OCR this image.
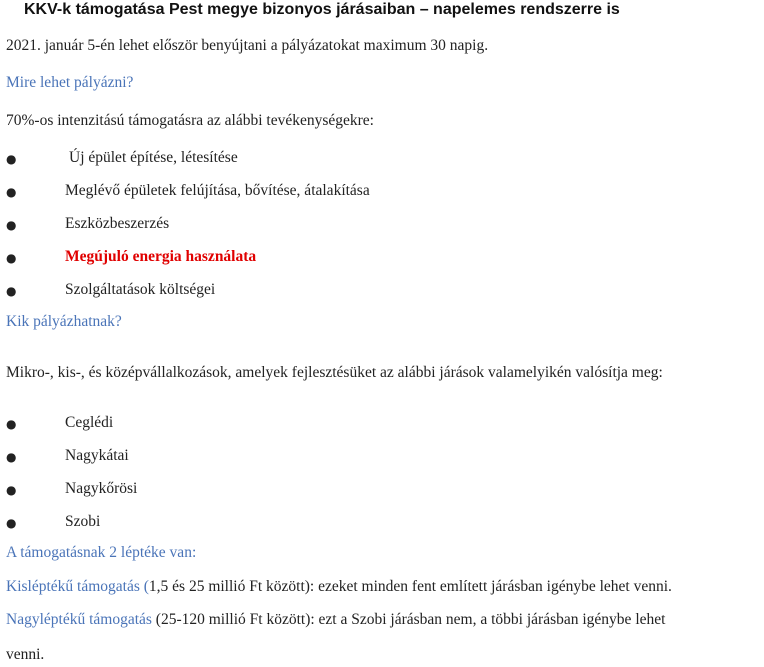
KKV-k támogatása Pest megye bizonyos járásaiban – napelemes rendszerre is
2021. január 5-én lehet először benyújtani a pályázatokat maximum 30 napig.
Mire lehet pályázni?
70%-os intenzitású támogatásra az alábbi tevékenységekre:
●	Új épület építése, létesítése
●	Meglévő épületek felújítása, bővítése, átalakítása
●	Eszközbeszerzés
●	Megújuló energia használata
●	Szolgáltatások költségei
Kik pályázhatnak?
Mikro-, kis-, és középvállalkozások, amelyek fejlesztésüket az alábbi járások valamelyikén valósítja meg:
●	Ceglédi
●	Nagykátai
●	Nagykőrösi
●	Szobi
A támogatásnak 2 léptéke van:
Kisléptékű támogatás (1,5 és 25 millió Ft között): ezeket minden fent említett járásban igénybe lehet venni.
Nagyléptékű támogatás (25-120 millió Ft között): ezt a Szobi járásban nem, a többi járásban igénybe lehet
venni.
